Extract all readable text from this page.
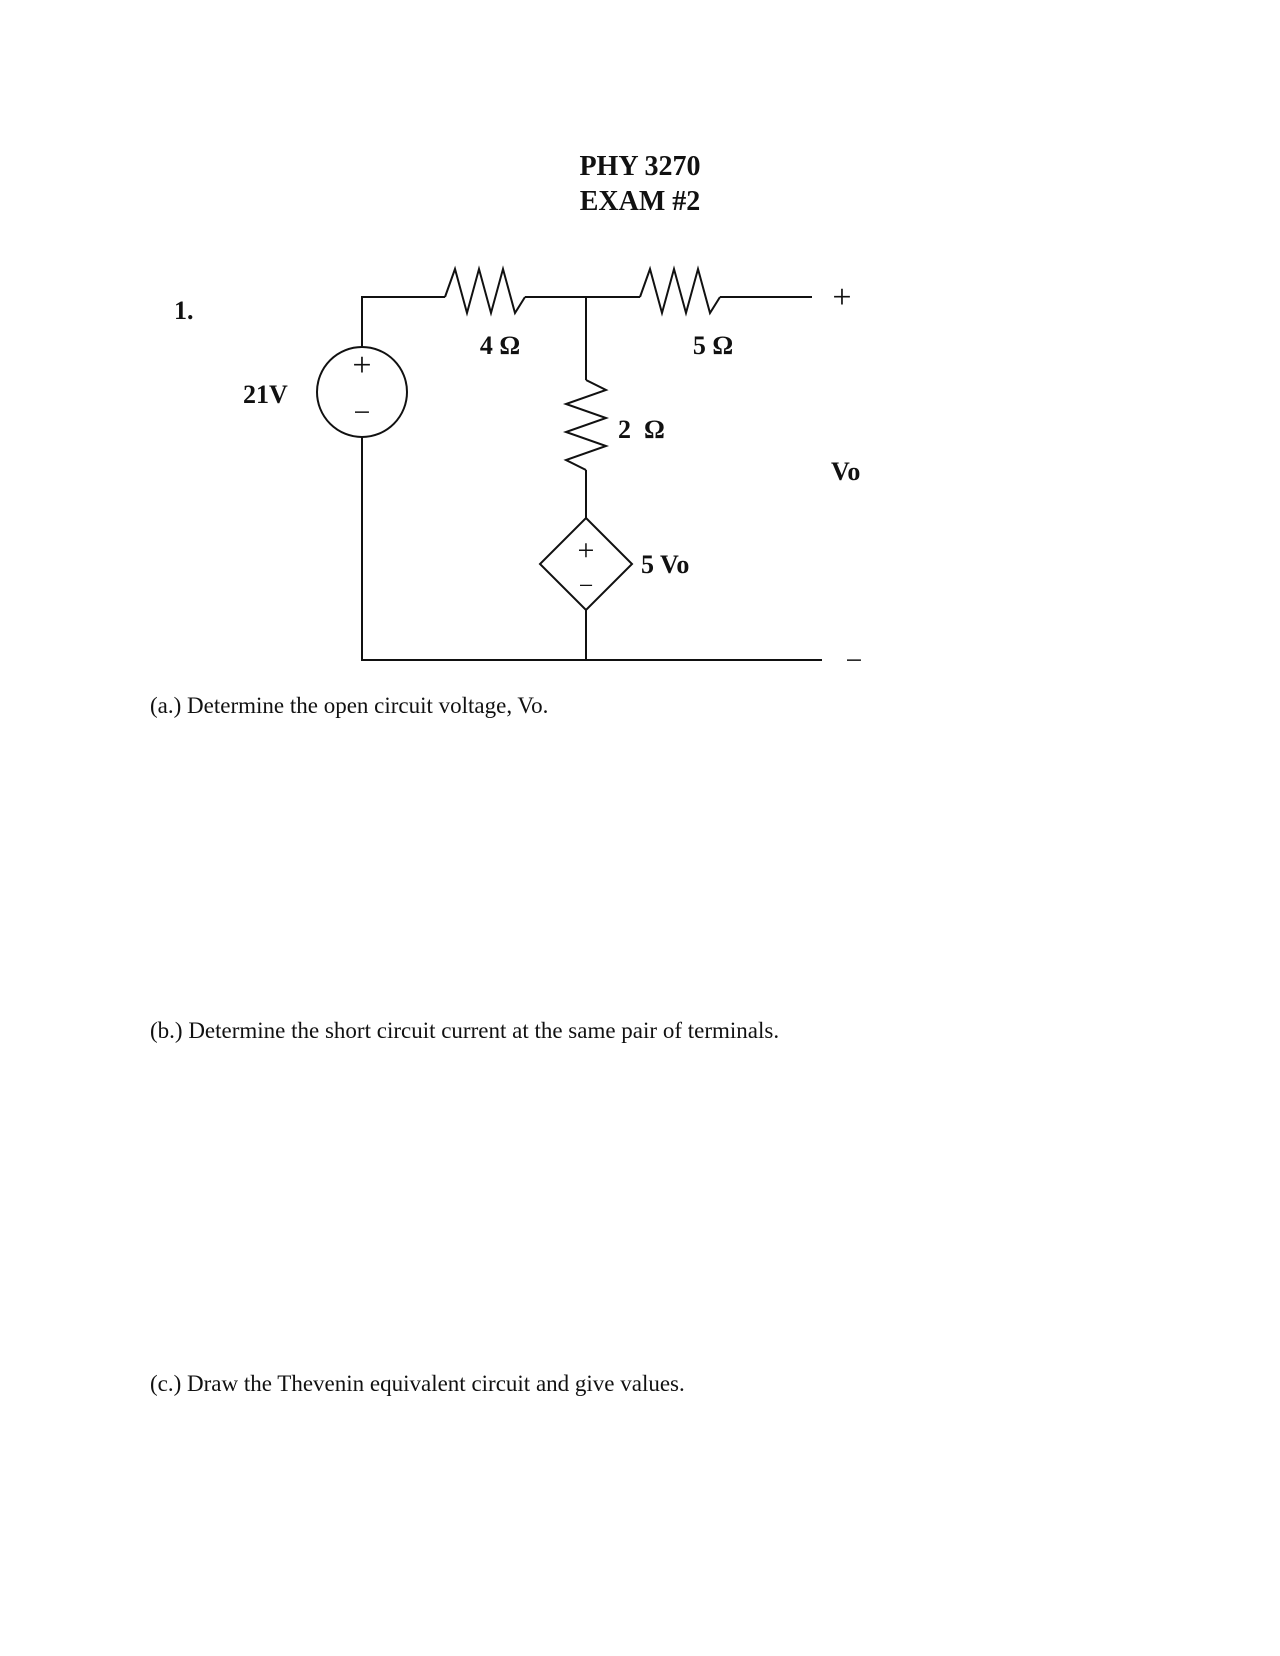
PHY 3270
EXAM #2
1.
+
−
+
−
21V
4 Ω	5 Ω
2  Ω
5 Vo
+
Vo
−
(a.) Determine the open circuit voltage, Vo.
(b.) Determine the short circuit current at the same pair of terminals.
(c.) Draw the Thevenin equivalent circuit and give values.
